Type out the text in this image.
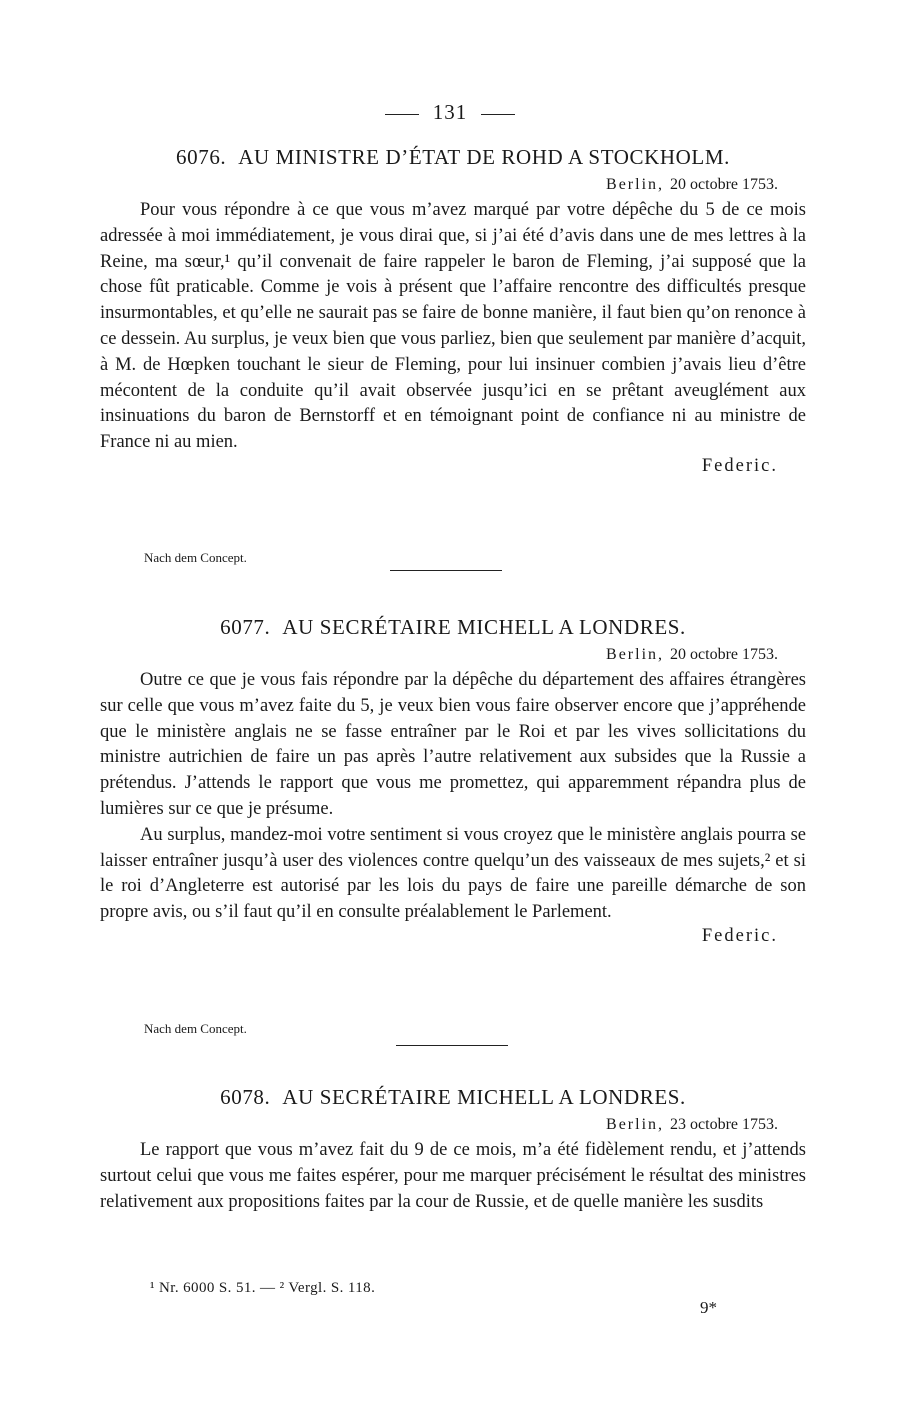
131
6076. AU MINISTRE D’ÉTAT DE ROHD A STOCKHOLM.
Berlin, 20 octobre 1753.

Pour vous répondre à ce que vous m’avez marqué par votre dépêche du 5 de ce mois adressée à moi immédiatement, je vous dirai que, si j’ai été d’avis dans une de mes lettres à la Reine, ma sœur,¹ qu’il convenait de faire rappeler le baron de Fleming, j’ai supposé que la chose fût praticable. Comme je vois à présent que l’affaire rencontre des difficultés presque insurmontables, et qu’elle ne saurait pas se faire de bonne manière, il faut bien qu’on renonce à ce dessein. Au surplus, je veux bien que vous parliez, bien que seulement par manière d’acquit, à M. de Hœpken touchant le sieur de Fleming, pour lui insinuer combien j’avais lieu d’être mécontent de la conduite qu’il avait observée jusqu’ici en se prêtant aveuglément aux insinuations du baron de Bernstorff et en témoignant point de confiance ni au ministre de France ni au mien.

Federic.
Nach dem Concept.
6077. AU SECRÉTAIRE MICHELL A LONDRES.
Berlin, 20 octobre 1753.

Outre ce que je vous fais répondre par la dépêche du département des affaires étrangères sur celle que vous m’avez faite du 5, je veux bien vous faire observer encore que j’appréhende que le ministère anglais ne se fasse entraîner par le Roi et par les vives sollicitations du ministre autrichien de faire un pas après l’autre relativement aux subsides que la Russie a prétendus. J’attends le rapport que vous me promettez, qui apparemment répandra plus de lumières sur ce que je présume.

Au surplus, mandez-moi votre sentiment si vous croyez que le ministère anglais pourra se laisser entraîner jusqu’à user des violences contre quelqu’un des vaisseaux de mes sujets,² et si le roi d’Angleterre est autorisé par les lois du pays de faire une pareille démarche de son propre avis, ou s’il faut qu’il en consulte préalablement le Parlement.

Federic.
Nach dem Concept.
6078. AU SECRÉTAIRE MICHELL A LONDRES.
Berlin, 23 octobre 1753.

Le rapport que vous m’avez fait du 9 de ce mois, m’a été fidèlement rendu, et j’attends surtout celui que vous me faites espérer, pour me marquer précisément le résultat des ministres relativement aux propositions faites par la cour de Russie, et de quelle manière les susdits

¹ Nr. 6000 S. 51. — ² Vergl. S. 118.
9*
